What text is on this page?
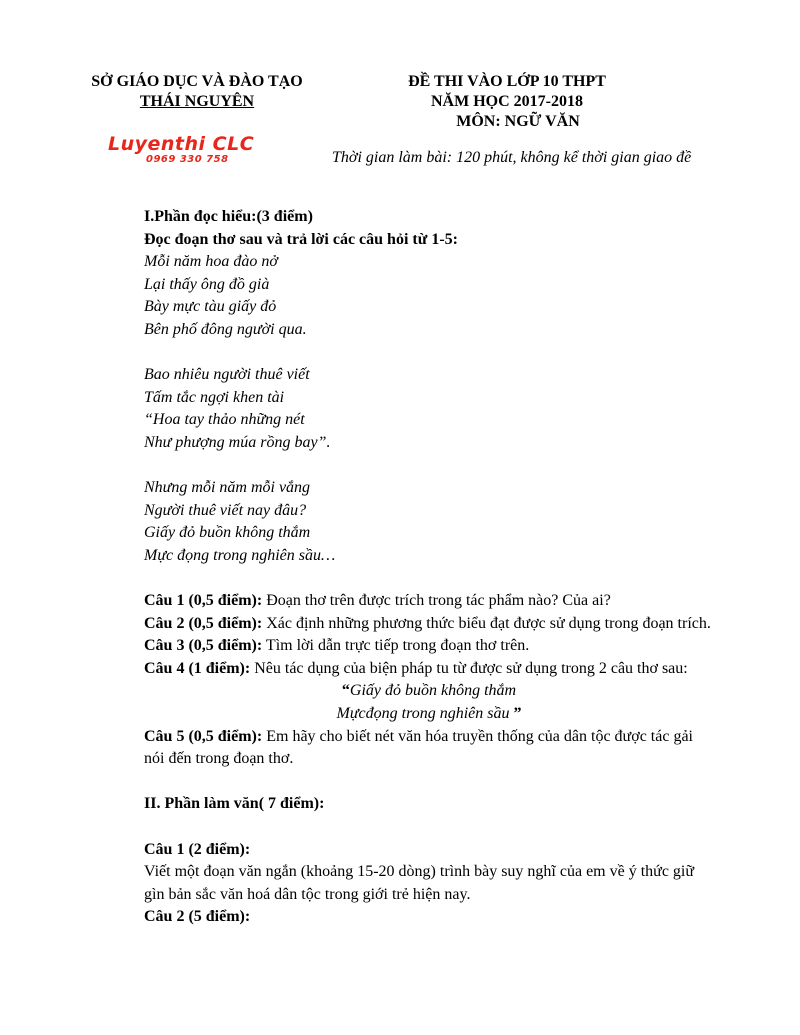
SỞ GIÁO DỤC VÀ ĐÀO TẠO
THÁI NGUYÊN
ĐỀ THI VÀO LỚP 10 THPT
NĂM HỌC 2017-2018
MÔN: NGỮ VĂN
Luyenthi CLC
0969 330 758	Thời gian làm bài: 120 phút, không kể thời gian giao đề

I.Phần đọc hiểu:(3 điểm)

Đọc đoạn thơ sau và trả lời các câu hỏi từ 1-5:

Mỗi năm hoa đào nở

Lại thấy ông đồ già

Bày mực tàu giấy đỏ

Bên phố đông người qua.

Bao nhiêu người thuê viết

Tấm tắc ngợi khen tài

“Hoa tay thảo những nét

Như phượng múa rồng bay”.

Nhưng mỗi năm mỗi vắng

Người thuê viết nay đâu?

Giấy đỏ buồn không thắm

Mực đọng trong nghiên sầu…

Câu 1 (0,5 điểm): Đoạn thơ trên được trích trong tác phẩm nào? Của ai?

Câu 2 (0,5 điểm): Xác định những phương thức biểu đạt được sử dụng trong đoạn trích.

Câu 3 (0,5 điểm): Tìm lời dẫn trực tiếp trong đoạn thơ trên.

Câu 4 (1 điểm): Nêu tác dụng của biện pháp tu từ được sử dụng trong 2 câu thơ sau:

“Giấy đỏ buồn không thắm

Mựcđọng trong nghiên sầu ”

Câu 5 (0,5 điểm): Em hãy cho biết nét văn hóa truyền thống của dân tộc được tác gải nói đến trong đoạn thơ.

II. Phần làm văn( 7 điểm):

Câu 1 (2 điểm):

Viết một đoạn văn ngắn (khoảng 15-20 dòng) trình bày suy nghĩ của em về ý thức giữ gìn bản sắc văn hoá dân tộc trong giới trẻ hiện nay.

Câu 2 (5 điểm):
